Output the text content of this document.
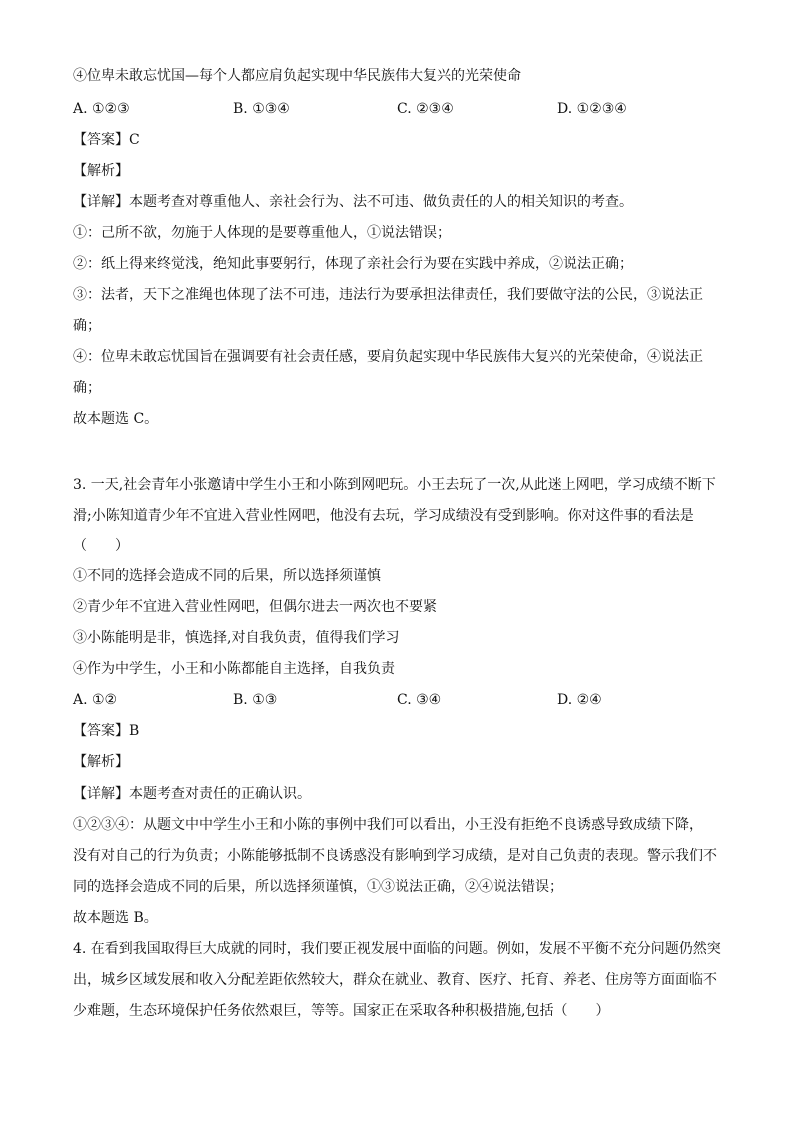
④位卑未敢忘忧国—每个人都应肩负起实现中华民族伟大复兴的光荣使命
A. ①②③	B. ①③④	C. ②③④	D. ①②③④
【答案】C
【解析】
【详解】本题考查对尊重他人、亲社会行为、法不可违、做负责任的人的相关知识的考查。
①：己所不欲，勿施于人体现的是要尊重他人，①说法错误；
②：纸上得来终觉浅，绝知此事要躬行，体现了亲社会行为要在实践中养成，②说法正确；
③：法者，天下之准绳也体现了法不可违，违法行为要承担法律责任，我们要做守法的公民，③说法正
确；
④：位卑未敢忘忧国旨在强调要有社会责任感，要肩负起实现中华民族伟大复兴的光荣使命，④说法正
确；
故本题选 C。
3. 一天,社会青年小张邀请中学生小王和小陈到网吧玩。小王去玩了一次,从此迷上网吧，学习成绩不断下
滑;小陈知道青少年不宜进入营业性网吧，他没有去玩，学习成绩没有受到影响。你对这件事的看法是
（　　）
①不同的选择会造成不同的后果，所以选择须谨慎
②青少年不宜进入营业性网吧，但偶尔进去一两次也不要紧
③小陈能明是非，慎选择,对自我负责，值得我们学习
④作为中学生，小王和小陈都能自主选择，自我负责
A. ①②	B. ①③	C. ③④	D. ②④
【答案】B
【解析】
【详解】本题考查对责任的正确认识。
①②③④：从题文中中学生小王和小陈的事例中我们可以看出，小王没有拒绝不良诱惑导致成绩下降，
没有对自己的行为负责；小陈能够抵制不良诱惑没有影响到学习成绩，是对自己负责的表现。警示我们不
同的选择会造成不同的后果，所以选择须谨慎，①③说法正确，②④说法错误；
故本题选 B。
4. 在看到我国取得巨大成就的同时，我们要正视发展中面临的问题。例如，发展不平衡不充分问题仍然突
出，城乡区域发展和收入分配差距依然较大，群众在就业、教育、医疗、托育、养老、住房等方面面临不
少难题，生态环境保护任务依然艰巨，等等。国家正在采取各种积极措施,包括（　　）
